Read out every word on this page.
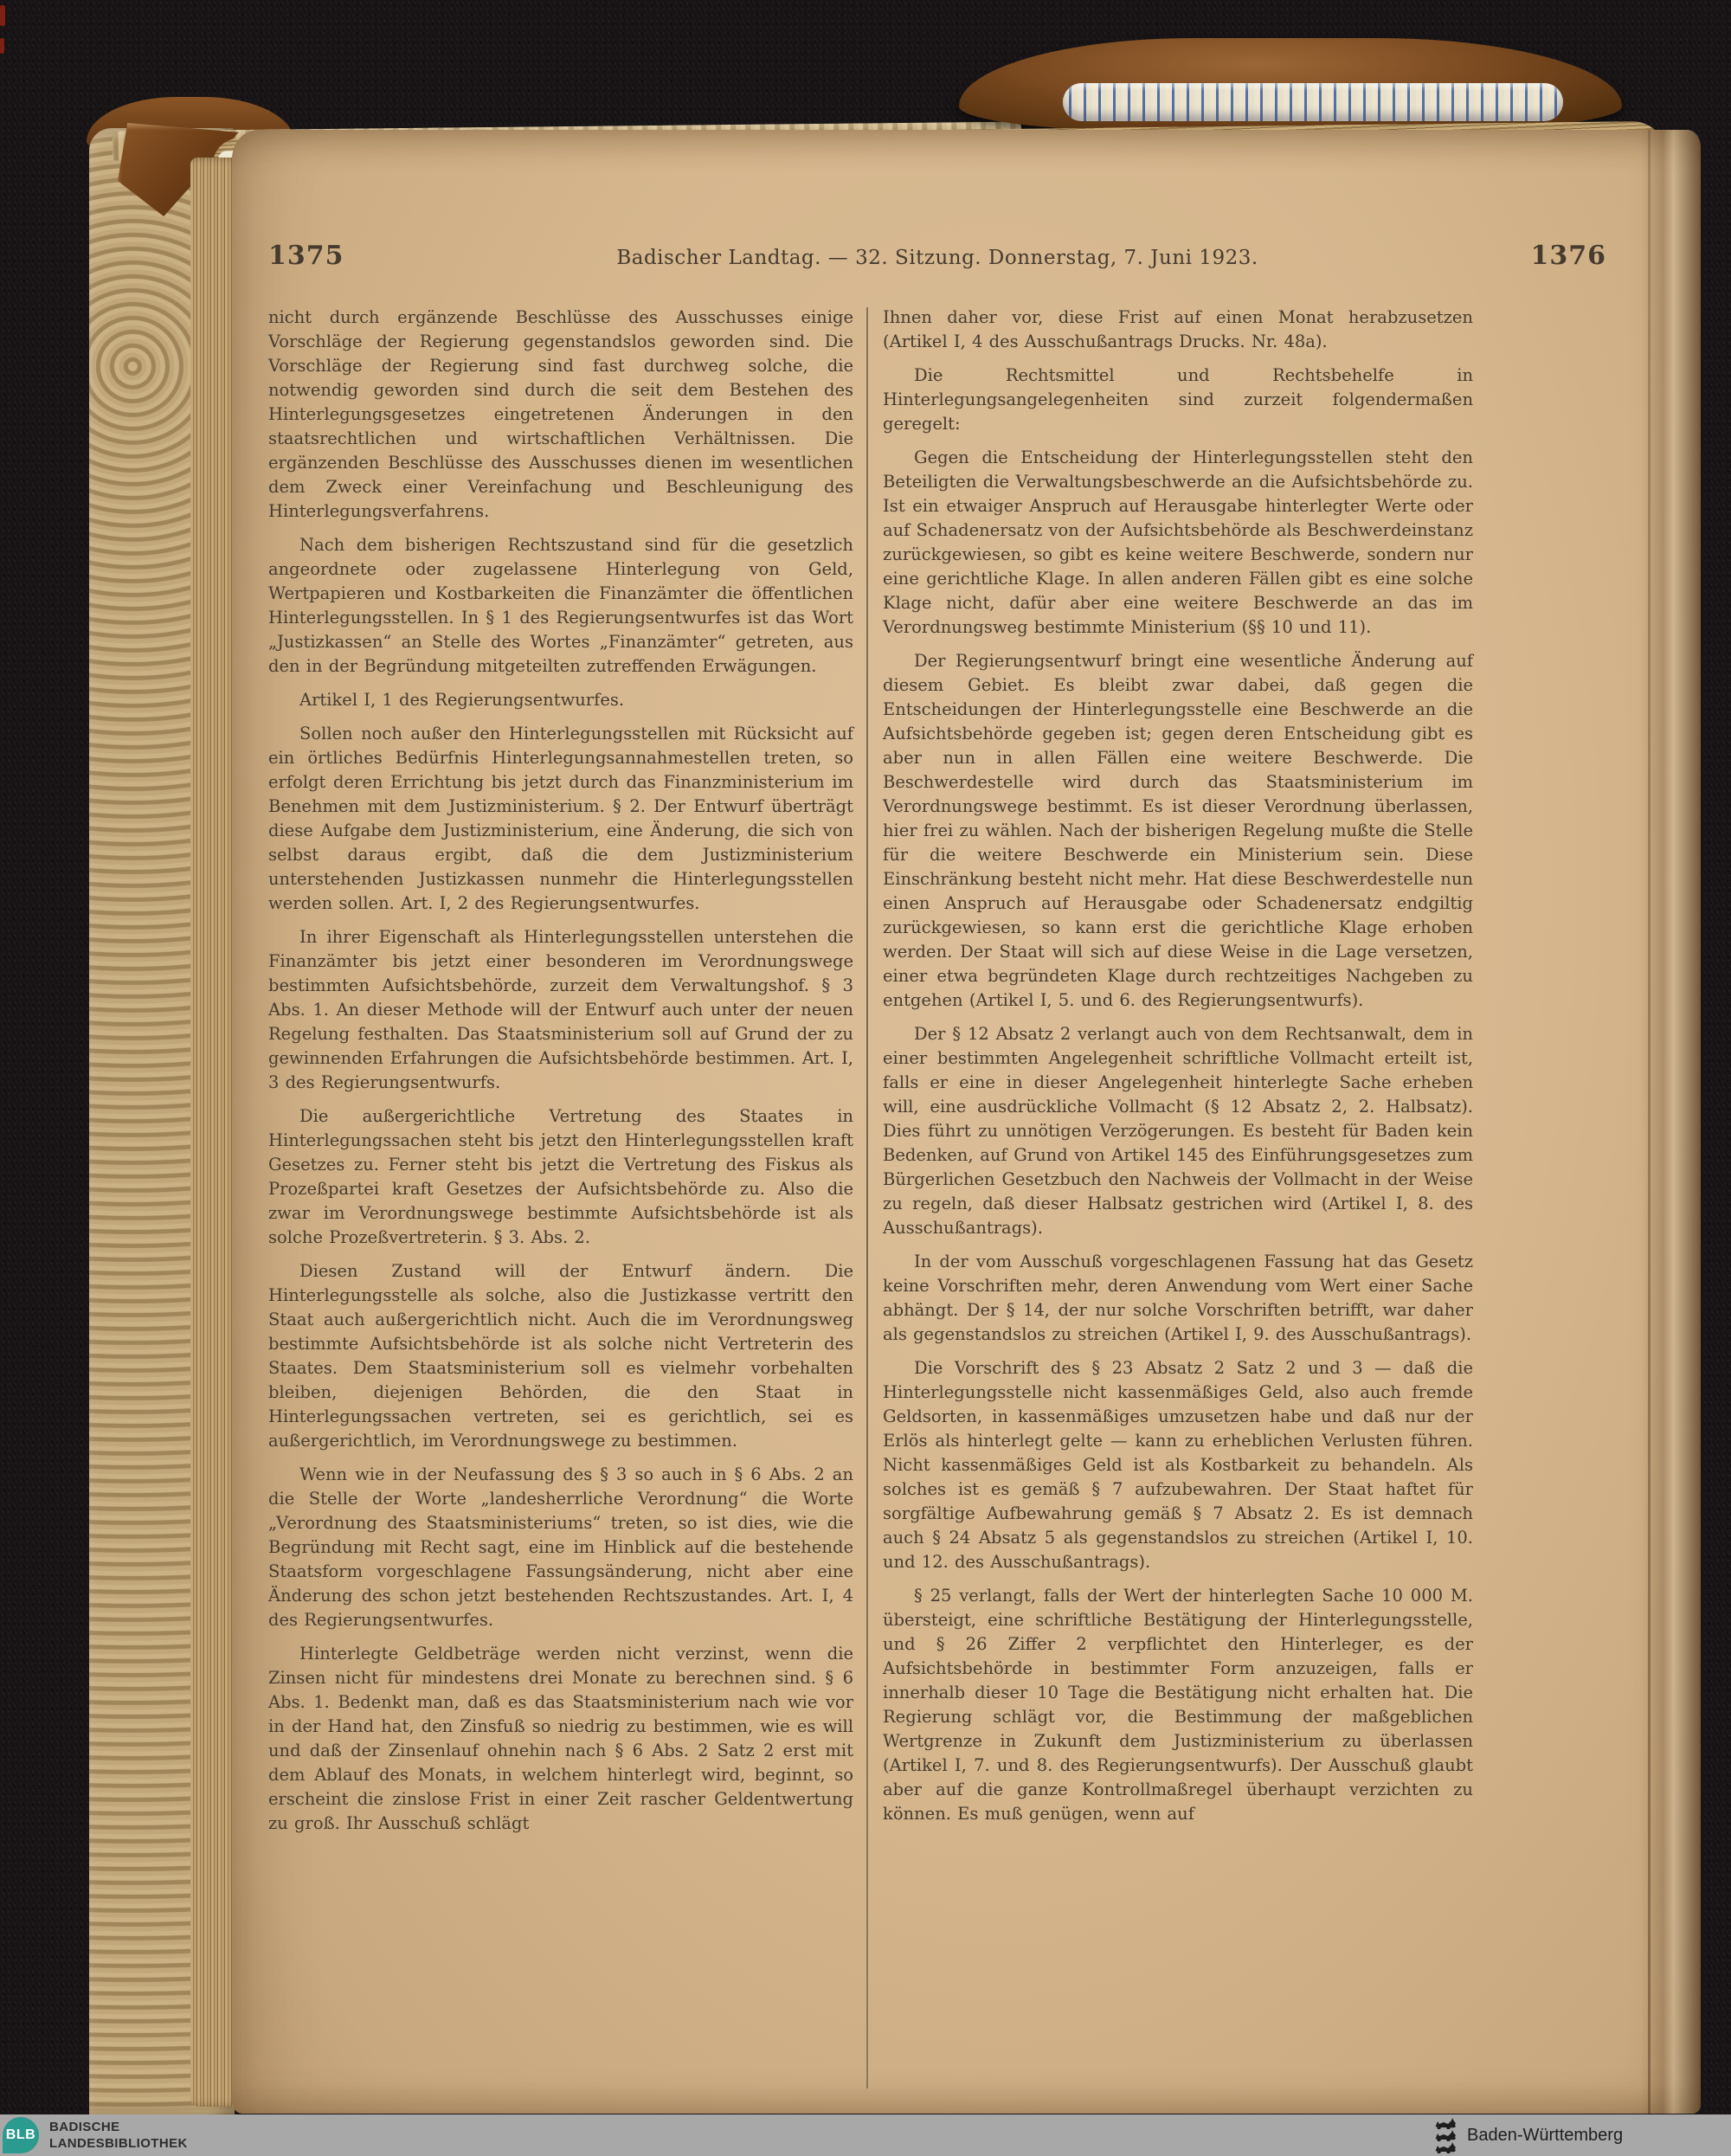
1375	Badischer Landtag. — 32. Sitzung. Donnerstag, 7. Juni 1923.	1376

nicht durch ergänzende Beschlüsse des Ausschusses einige Vorschläge der Regierung gegenstandslos geworden sind. Die Vorschläge der Regierung sind fast durchweg solche, die notwendig geworden sind durch die seit dem Bestehen des Hinterlegungsgesetzes eingetretenen Änderungen in den staatsrechtlichen und wirtschaftlichen Verhältnissen. Die ergänzenden Beschlüsse des Ausschusses dienen im wesentlichen dem Zweck einer Vereinfachung und Beschleunigung des Hinterlegungsverfahrens.

Nach dem bisherigen Rechtszustand sind für die gesetzlich angeordnete oder zugelassene Hinterlegung von Geld, Wertpapieren und Kostbarkeiten die Finanzämter die öffentlichen Hinterlegungsstellen. In § 1 des Regierungsentwurfes ist das Wort „Justizkassen“ an Stelle des Wortes „Finanzämter“ getreten, aus den in der Begründung mitgeteilten zutreffenden Erwägungen.

Artikel I, 1 des Regierungsentwurfes.

Sollen noch außer den Hinterlegungsstellen mit Rücksicht auf ein örtliches Bedürfnis Hinterlegungsannahmestellen treten, so erfolgt deren Errichtung bis jetzt durch das Finanzministerium im Benehmen mit dem Justizministerium. § 2. Der Entwurf überträgt diese Aufgabe dem Justizministerium, eine Änderung, die sich von selbst daraus ergibt, daß die dem Justizministerium unterstehenden Justizkassen nunmehr die Hinterlegungsstellen werden sollen. Art. I, 2 des Regierungsentwurfes.

In ihrer Eigenschaft als Hinterlegungsstellen unterstehen die Finanzämter bis jetzt einer besonderen im Verordnungswege bestimmten Aufsichtsbehörde, zurzeit dem Verwaltungshof. § 3 Abs. 1. An dieser Methode will der Entwurf auch unter der neuen Regelung festhalten. Das Staatsministerium soll auf Grund der zu gewinnenden Erfahrungen die Aufsichtsbehörde bestimmen. Art. I, 3 des Regierungsentwurfs.

Die außergerichtliche Vertretung des Staates in Hinterlegungssachen steht bis jetzt den Hinterlegungsstellen kraft Gesetzes zu. Ferner steht bis jetzt die Vertretung des Fiskus als Prozeßpartei kraft Gesetzes der Aufsichtsbehörde zu. Also die zwar im Verordnungswege bestimmte Aufsichtsbehörde ist als solche Prozeßvertreterin. § 3. Abs. 2.

Diesen Zustand will der Entwurf ändern. Die Hinterlegungsstelle als solche, also die Justizkasse vertritt den Staat auch außergerichtlich nicht. Auch die im Verordnungsweg bestimmte Aufsichtsbehörde ist als solche nicht Vertreterin des Staates. Dem Staatsministerium soll es vielmehr vorbehalten bleiben, diejenigen Behörden, die den Staat in Hinterlegungssachen vertreten, sei es gerichtlich, sei es außergerichtlich, im Verordnungswege zu bestimmen.

Wenn wie in der Neufassung des § 3 so auch in § 6 Abs. 2 an die Stelle der Worte „landesherrliche Verordnung“ die Worte „Verordnung des Staatsministeriums“ treten, so ist dies, wie die Begründung mit Recht sagt, eine im Hinblick auf die bestehende Staatsform vorgeschlagene Fassungsänderung, nicht aber eine Änderung des schon jetzt bestehenden Rechtszustandes. Art. I, 4 des Regierungsentwurfes.

Hinterlegte Geldbeträge werden nicht verzinst, wenn die Zinsen nicht für mindestens drei Monate zu berechnen sind. § 6 Abs. 1. Bedenkt man, daß es das Staatsministerium nach wie vor in der Hand hat, den Zinsfuß so niedrig zu bestimmen, wie es will und daß der Zinsenlauf ohnehin nach § 6 Abs. 2 Satz 2 erst mit dem Ablauf des Monats, in welchem hinterlegt wird, beginnt, so erscheint die zinslose Frist in einer Zeit rascher Geldentwertung zu groß. Ihr Ausschuß schlägt

Ihnen daher vor, diese Frist auf einen Monat herabzusetzen (Artikel I, 4 des Ausschußantrags Drucks. Nr. 48a).

Die Rechtsmittel und Rechtsbehelfe in Hinterlegungsangelegenheiten sind zurzeit folgendermaßen geregelt:

Gegen die Entscheidung der Hinterlegungsstellen steht den Beteiligten die Verwaltungsbeschwerde an die Aufsichtsbehörde zu. Ist ein etwaiger Anspruch auf Herausgabe hinterlegter Werte oder auf Schadenersatz von der Aufsichtsbehörde als Beschwerdeinstanz zurückgewiesen, so gibt es keine weitere Beschwerde, sondern nur eine gerichtliche Klage. In allen anderen Fällen gibt es eine solche Klage nicht, dafür aber eine weitere Beschwerde an das im Verordnungsweg bestimmte Ministerium (§§ 10 und 11).

Der Regierungsentwurf bringt eine wesentliche Änderung auf diesem Gebiet. Es bleibt zwar dabei, daß gegen die Entscheidungen der Hinterlegungsstelle eine Beschwerde an die Aufsichtsbehörde gegeben ist; gegen deren Entscheidung gibt es aber nun in allen Fällen eine weitere Beschwerde. Die Beschwerdestelle wird durch das Staatsministerium im Verordnungswege bestimmt. Es ist dieser Verordnung überlassen, hier frei zu wählen. Nach der bisherigen Regelung mußte die Stelle für die weitere Beschwerde ein Ministerium sein. Diese Einschränkung besteht nicht mehr. Hat diese Beschwerdestelle nun einen Anspruch auf Herausgabe oder Schadenersatz endgiltig zurückgewiesen, so kann erst die gerichtliche Klage erhoben werden. Der Staat will sich auf diese Weise in die Lage versetzen, einer etwa begründeten Klage durch rechtzeitiges Nachgeben zu entgehen (Artikel I, 5. und 6. des Regierungsentwurfs).

Der § 12 Absatz 2 verlangt auch von dem Rechtsanwalt, dem in einer bestimmten Angelegenheit schriftliche Vollmacht erteilt ist, falls er eine in dieser Angelegenheit hinterlegte Sache erheben will, eine ausdrückliche Vollmacht (§ 12 Absatz 2, 2. Halbsatz). Dies führt zu unnötigen Verzögerungen. Es besteht für Baden kein Bedenken, auf Grund von Artikel 145 des Einführungsgesetzes zum Bürgerlichen Gesetzbuch den Nachweis der Vollmacht in der Weise zu regeln, daß dieser Halbsatz gestrichen wird (Artikel I, 8. des Ausschußantrags).

In der vom Ausschuß vorgeschlagenen Fassung hat das Gesetz keine Vorschriften mehr, deren Anwendung vom Wert einer Sache abhängt. Der § 14, der nur solche Vorschriften betrifft, war daher als gegenstandslos zu streichen (Artikel I, 9. des Ausschußantrags).

Die Vorschrift des § 23 Absatz 2 Satz 2 und 3 — daß die Hinterlegungsstelle nicht kassenmäßiges Geld, also auch fremde Geldsorten, in kassenmäßiges umzusetzen habe und daß nur der Erlös als hinterlegt gelte — kann zu erheblichen Verlusten führen. Nicht kassenmäßiges Geld ist als Kostbarkeit zu behandeln. Als solches ist es gemäß § 7 aufzubewahren. Der Staat haftet für sorgfältige Aufbewahrung gemäß § 7 Absatz 2. Es ist demnach auch § 24 Absatz 5 als gegenstandslos zu streichen (Artikel I, 10. und 12. des Ausschußantrags).

§ 25 verlangt, falls der Wert der hinterlegten Sache 10 000 M. übersteigt, eine schriftliche Bestätigung der Hinterlegungsstelle, und § 26 Ziffer 2 verpflichtet den Hinterleger, es der Aufsichtsbehörde in bestimmter Form anzuzeigen, falls er innerhalb dieser 10 Tage die Bestätigung nicht erhalten hat. Die Regierung schlägt vor, die Bestimmung der maßgeblichen Wertgrenze in Zukunft dem Justizministerium zu überlassen (Artikel I, 7. und 8. des Regierungsentwurfs). Der Ausschuß glaubt aber auf die ganze Kontrollmaßregel überhaupt verzichten zu können. Es muß genügen, wenn auf

BLB
BADISCHE
LANDESBIBLIOTHEK	Baden-Württemberg
